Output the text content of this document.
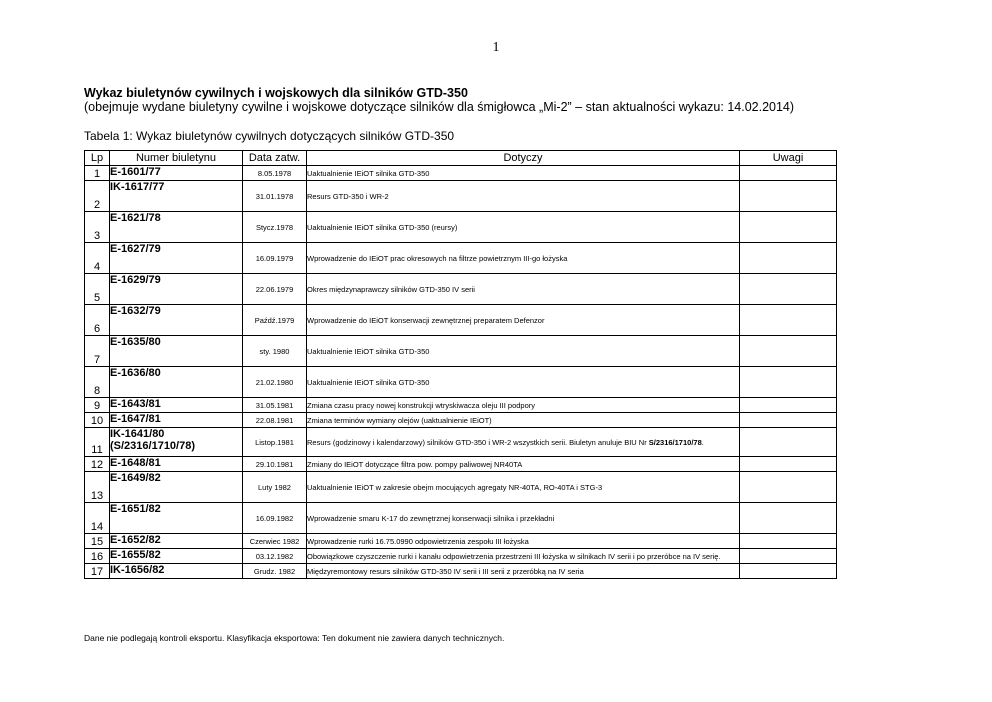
1
Wykaz biuletynów cywilnych i wojskowych dla silników GTD-350
(obejmuje wydane biuletyny cywilne i wojskowe dotyczące silników dla śmigłowca „Mi-2” – stan aktualności wykazu: 14.02.2014)
Tabela 1: Wykaz biuletynów cywilnych dotyczących silników GTD-350
Lp	Numer biuletynu	Data zatw.	Dotyczy	Uwagi
1	E-1601/77	8.05.1978	Uaktualnienie IEiOT silnika GTD-350	
2	IK-1617/77	31.01.1978	Resurs GTD-350 i WR-2	
3	E-1621/78	Stycz.1978	Uaktualnienie IEiOT silnika GTD-350 (reursy)	
4	E-1627/79	16.09.1979	Wprowadzenie do IEiOT prac okresowych na filtrze powietrznym III-go łożyska	
5	E-1629/79	22.06.1979	Okres międzynaprawczy silników GTD-350 IV serii	
6	E-1632/79	Paźdź.1979	Wprowadzenie do IEiOT konserwacji zewnętrznej preparatem Defenzor	
7	E-1635/80	sty. 1980	Uaktualnienie IEiOT silnika GTD-350	
8	E-1636/80	21.02.1980	Uaktualnienie IEiOT silnika GTD-350	
9	E-1643/81	31.05.1981	Zmiana czasu pracy nowej konstrukcji wtryskiwacza oleju III podpory	
10	E-1647/81	22.08.1981	Zmiana terminów wymiany olejów (uaktualnienie IEiOT)	
11	IK-1641/80
(S/2316/1710/78)	Listop.1981	Resurs (godzinowy i kalendarzowy) silników GTD-350 i WR-2 wszystkich serii. Biuletyn anuluje BIU Nr S/2316/1710/78.	
12	E-1648/81	29.10.1981	Zmiany do IEiOT dotyczące filtra pow. pompy paliwowej NR40TA	
13	E-1649/82	Luty 1982	Uaktualnienie IEiOT w zakresie obejm mocujących agregaty NR-40TA, RO-40TA i STG-3	
14	E-1651/82	16.09.1982	Wprowadzenie smaru K-17 do zewnętrznej konserwacji silnika i przekładni	
15	E-1652/82	Czerwiec 1982	Wprowadzenie rurki 16.75.0990 odpowietrzenia zespołu III łożyska	
16	E-1655/82	03.12.1982	Obowiązkowe czyszczenie rurki i kanału odpowietrzenia przestrzeni III łożyska w silnikach IV serii i po przeróbce na IV serię.	
17	IK-1656/82	Grudz. 1982	Międzyremontowy resurs silników GTD-350 IV serii i III serii z przeróbką na IV seria	
Dane nie podlegają kontroli eksportu. Klasyfikacja eksportowa: Ten dokument nie zawiera danych technicznych.
